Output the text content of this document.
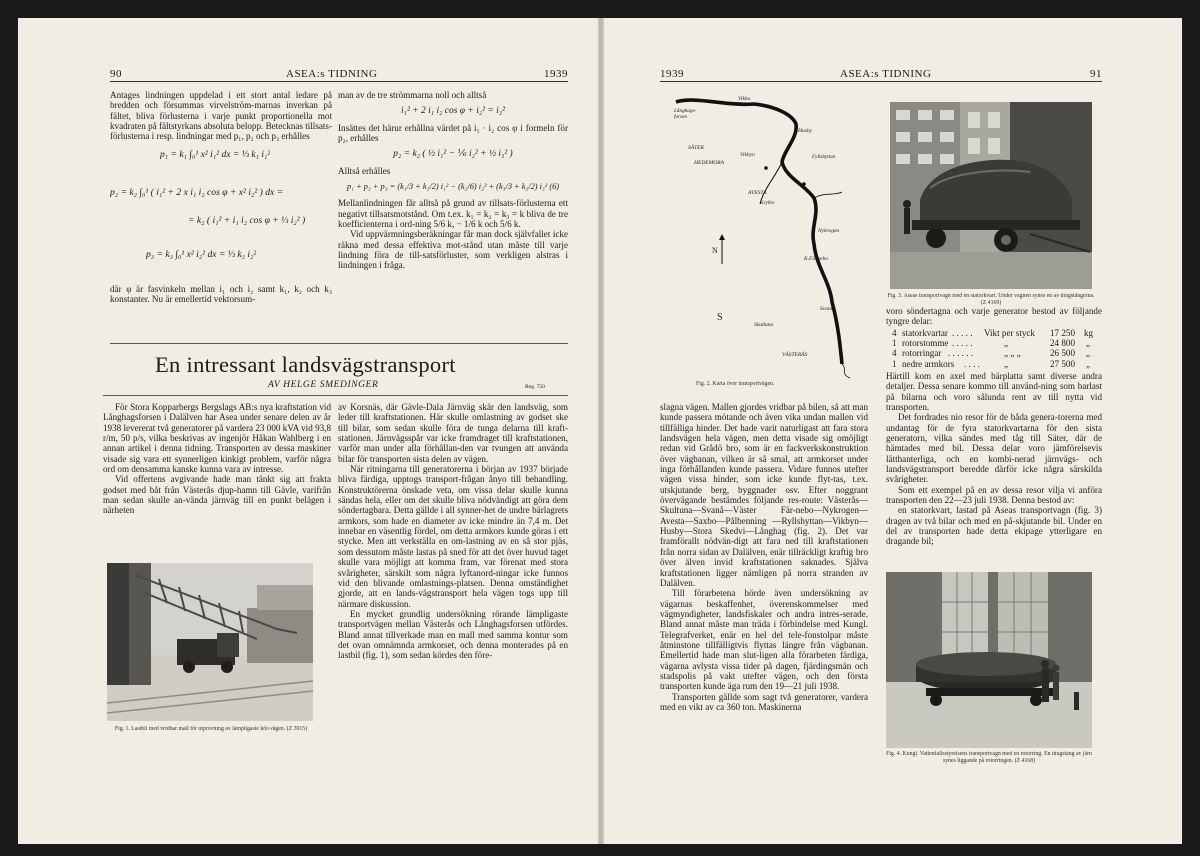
90	ASEA:s TIDNING	1939

Antages lindningen uppdelad i ett stort antal ledare på bredden och försummas virvelström-marnas inverkan på fältet, bliva förlusterna i varje punkt proportionella mot kvadraten på fältstyrkans absoluta belopp. Betecknas tillsats-förlusterna i resp. lindningar med p₁, p₂ och p₃ erhålles

p₁ = k₁ ∫₀¹ x² i₁² dx = ⅓ k₁ i₁²
p₂ = k₂ ∫₀¹ ( i₁² + 2 x i₁ i₂ cos φ + x² i₂² ) dx =
= k₂ ( i₁² + i₁ i₂ cos φ + ⅓ i₂² )
p₃ = k₃ ∫₀¹ x² i₂² dx = ⅓ k₃ i₂²

där φ är fasvinkeln mellan i₁ och i₂ samt k₁, k₂ och k₃ konstanter. Nu är emellertid vektorsum-

man av de tre strömmarna noll och alltså

i₁² + 2 i₁ i₂ cos φ + i₂² = i₃²

Insättes det härur erhållna värdet på i₁ · i₂ cos φ i formeln för p₂, erhålles

p₂ = k₂ ( ½ i₁² − ⅙ i₂² + ½ i₃² )

Alltså erhålles

p₁ + p₂ + p₃ = (k₁/3 + k₂/2) i₁² − (k₂/6) i₂² + (k₃/3 + k₂/2) i₃² (6)

Mellanlindningen får alltså på grund av tillsats-förlusterna ett negativt tillsatsmotstånd. Om t.ex. k₁ = k₂ = k₃ = k bliva de tre koefficienterna i ord-ning 5/6 k, − 1/6 k och 5/6 k.

Vid uppvärmningsberäkningar får man dock självfallet icke räkna med dessa effektiva mot-stånd utan måste till varje lindning föra de till-satsförluster, som verkligen alstras i lindningen i fråga.

En intressant landsvägstransport
AV HELGE SMEDINGER	Reg. 750

För Stora Kopparbergs Bergslags AB:s nya kraftstation vid Långhagsforsen i Dalälven har Asea under senare delen av år 1938 levererat två generatorer på vardera 23 000 kVA vid 93,8 r/m, 50 p/s, vilka beskrivas av ingenjör Håkan Wahlberg i en annan artikel i denna tidning. Transporten av dessa maskiner visade sig vara ett synnerligen kinkigt problem, varför några ord om densamma kanske kunna vara av intresse.

Vid offertens avgivande hade man tänkt sig att frakta godset med båt från Västerås djup-hamn till Gävle, varifrån man sedan skulle an-vända järnväg till en punkt belägen i närheten

Fig. 1. Lastbil med vridbar mall för utprovning av lämpligaste kör-vägen. (Z 3915)

av Korsnäs, där Gävle-Dala Järnväg skär den landsväg, som leder till kraftstationen. Här skulle omlastning av godset ske till bilar, som sedan skulle föra de tunga delarna till kraft-stationen. Järnvägsspår var icke framdraget till kraftstationen, varför man under alla förhållan-den var tvungen att använda bilar för transporten sista delen av vägen.

När ritningarna till generatorerna i början av 1937 började bliva färdiga, upptogs transport-frågan ånyo till behandling. Konstruktörerna önskade veta, om vissa delar skulle kunna sändas hela, eller om det skulle bliva nödvändigt att göra dem söndertagbara. Detta gällde i all synner-het de undre bärlagrets armkors, som hade en diameter av icke mindre än 7,4 m. Det innebar en väsentlig fördel, om detta armkors kunde göras i ett stycke. Men att verkställa en om-lastning av en så stor pjäs, som dessutom måste lastas på sned för att det över huvud taget skulle vara möjligt att komma fram, var förenat med stora svårigheter, särskilt som några lyftanord-ningar icke funnos vid den blivande omlastnings-platsen. Denna omständighet gjorde, att en lands-vägstransport hela vägen togs upp till närmare diskussion.

En mycket grundlig undersökning rörande lämpligaste transportvägen mellan Västerås och Långhagsforsen utfördes. Bland annat tillverkade man en mall med samma kontur som det ovan omnämnda armkorset, och denna monterades på en lastbil (fig. 1), som sedan kördes den före-

1939	ASEA:s TIDNING	91
Långhags-forsen
Vikbo
Husby
SÄTER
Vikbyn
HEDEMORA
Fyllsbyttan
AVESTA
Krylbo
Nykrogen
K.Färnebo
Svanå
Skultuna
VÄSTERÅS
N
S
Fig. 2. Karta över transportvägen.
Fig. 3. Aseas transportvagn med en statorkvart. Under vagnen synes en av dragstängerna. (Z 4169)

slagna vägen. Mallen gjordes vridbar på bilen, så att man kunde passera mötande och även vika undan mallen vid tillfälliga hinder. Det hade varit naturligast att fara stora landsvägen hela vägen, men detta visade sig omöjligt redan vid Grådö bro, som är en fackverkskonstruktion över vägbanan, vilken är så smal, att armkorset under inga förhållanden kunde passera. Vidare funnos utefter vägen vissa hinder, som icke kunde flyt-tas, t.ex. utskjutande berg, byggnader osv. Efter noggrant övervägande bestämdes följande res-route: Västerås—Skultuna—Svanå—Väster Fär-nebo—Nykrogen—Avesta—Saxbo—Pålbenning —Ryllshyttan—Vikbyn—Husby—Stora Skedvi—Långhag (fig. 2). Det var framförallt nödvän-digt att fara ned till kraftstationen från norra sidan av Dalälven, enär tillräckligt kraftig bro över älven invid kraftstationen saknades. Själva kraftstationen ligger nämligen på norra stranden av Dalälven.

Till förarbetena hörde även undersökning av vägarnas beskaffenhet, överenskommelser med vägmyndigheter, landsfiskaler och andra intres-serade. Bland annat måste man träda i förbindelse med Kungl. Telegrafverket, enär en hel del tele-fonstolpar måste åtminstone tillfälligtvis flyttas längre från vägbanan. Emellertid hade man slut-ligen alla förarbeten färdiga, vägarna avlysta vissa tider på dagen, fjärdingsmän och stadspolis på vakt utefter vägen, och den första transporten kunde äga rum den 19—21 juli 1938.

Transporten gällde som sagt två generatorer, vardera med en vikt av ca 360 ton. Maskinerna

voro söndertagna och varje generator bestod av följande tyngre delar:

4 statorkvartar . . . . . Vikt per styck 17 250 kg
1 rotorstomme . . . . .	„	24 800 „
4 rotorringar . . . . . .	„ „ „	26 500 „
1 nedre armkors . . . .	„	27 500 „

Härtill kom en axel med bärplatta samt diverse andra detaljer. Dessa senare kommo till använd-ning som barlast på bilarna och voro sålunda rent av till nytta vid transporten.

Det fordrades nio resor för de båda genera-torerna med undantag för de fyra statorkvartarna för den sista generatorn, vilka sändes med tåg till Säter, där de hämtades med bil. Dessa delar voro jämförelsevis lätthanterliga, och en kombi-nerad järnvägs- och landsvägstransport beredde därför icke några särskilda svårigheter.

Som ett exempel på en av dessa resor vilja vi anföra transporten den 22—23 juli 1938. Denna bestod av:

en statorkvart, lastad på Aseas transportvagn (fig. 3) dragen av två bilar och med en på-skjutande bil. Under en del av transporten hade detta ekipage ytterligare en dragande bil;

Fig. 4. Kungl. Vattenfallsstyrelsens transportvagn med en rotorring. En dragstång av järn synes liggande på rotorringen. (Z 4168)
